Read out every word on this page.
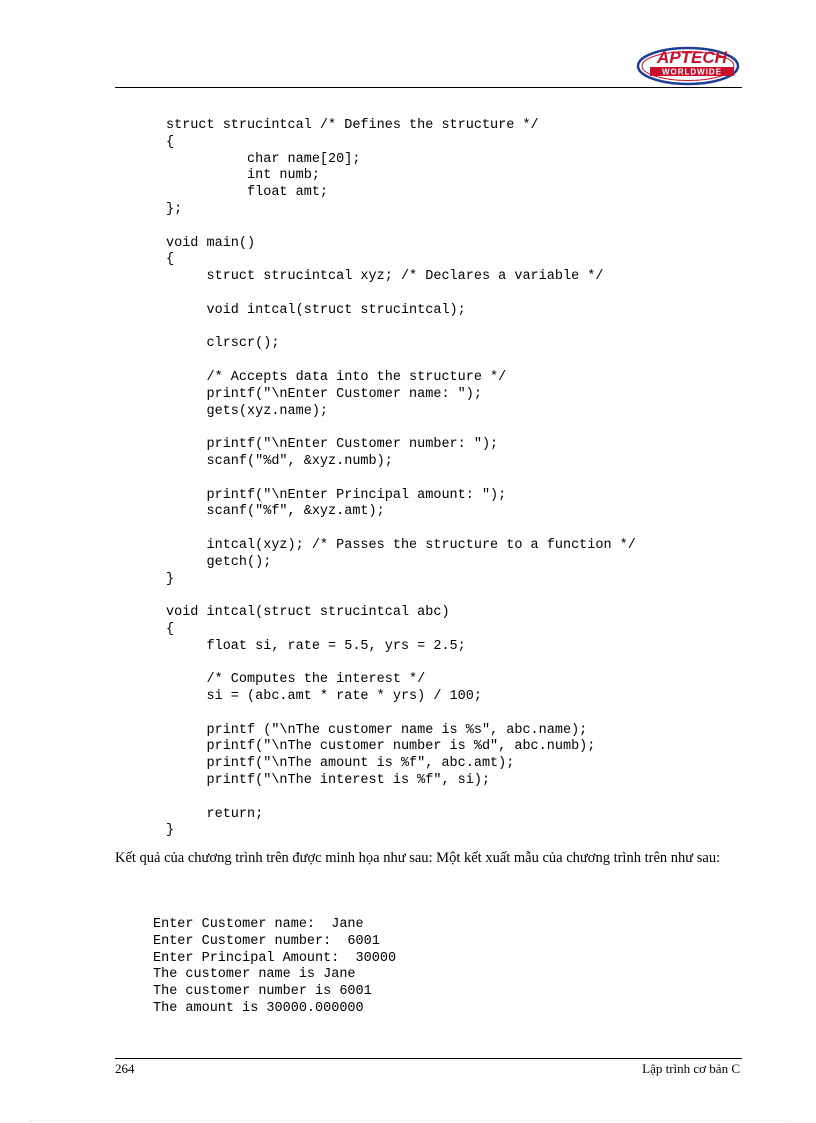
APTECH
WORLDWIDE
struct strucintcal /* Defines the structure */
{
char name[20];
int numb;
float amt;
};
void main()
{
struct strucintcal xyz; /* Declares a variable */
void intcal(struct strucintcal);
clrscr();
/* Accepts data into the structure */
printf("\nEnter Customer name: ");
gets(xyz.name);
printf("\nEnter Customer number: ");
scanf("%d", &xyz.numb);
printf("\nEnter Principal amount: ");
scanf("%f", &xyz.amt);
intcal(xyz); /* Passes the structure to a function */
getch();
}
void intcal(struct strucintcal abc)
{
float si, rate = 5.5, yrs = 2.5;
/* Computes the interest */
si = (abc.amt * rate * yrs) / 100;
printf ("\nThe customer name is %s", abc.name);
printf("\nThe customer number is %d", abc.numb);
printf("\nThe amount is %f", abc.amt);
printf("\nThe interest is %f", si);
return;
}

Kết quả của chương trình trên được minh họa như sau: Một kết xuất mẫu của chương trình trên như sau:

Enter Customer name:  Jane
Enter Customer number:  6001
Enter Principal Amount:  30000
The customer name is Jane
The customer number is 6001
The amount is 30000.000000
264	Lập trình cơ bản C
